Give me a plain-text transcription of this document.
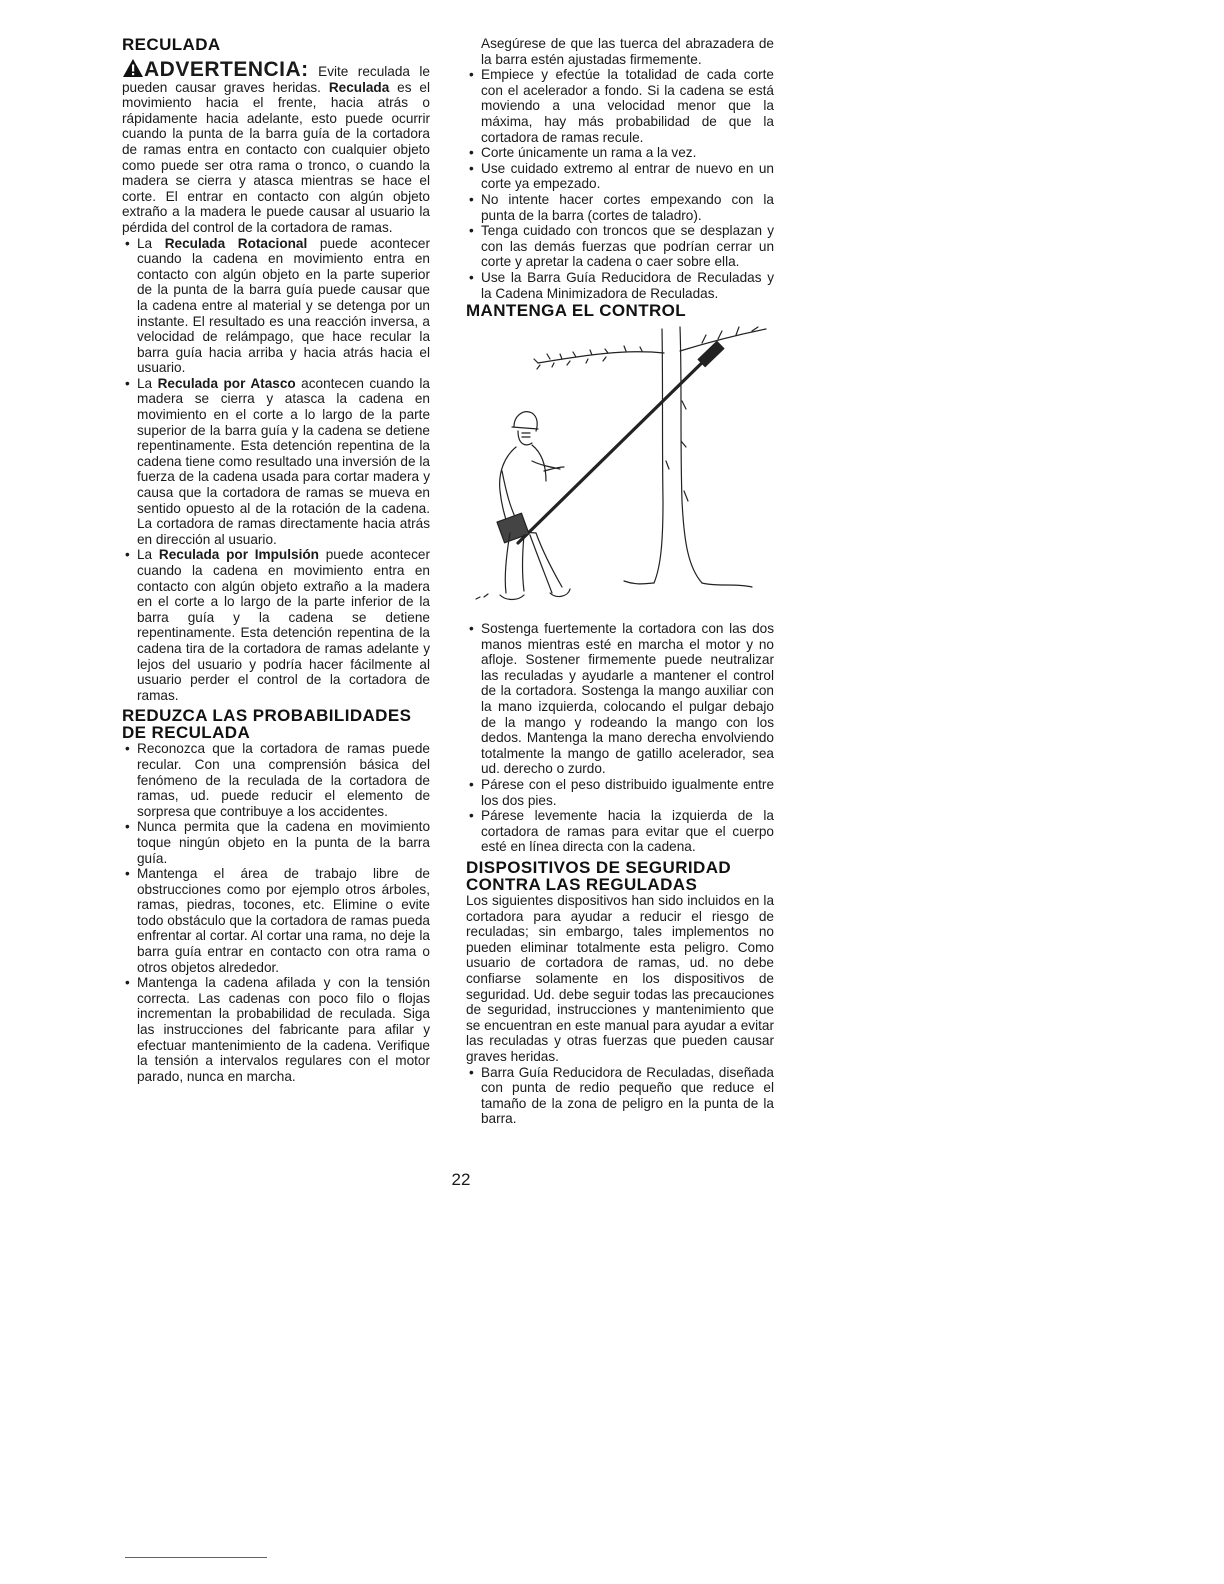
RECULADA

ADVERTENCIA: Evite reculada le pueden causar graves heridas. Reculada es el movimiento hacia el frente, hacia atrás o rápidamente hacia adelante, esto puede ocurrir cuando la punta de la barra guía de la cortadora de ramas entra en contacto con cualquier objeto como puede ser otra rama o tronco, o cuando la madera se cierra y atasca mientras se hace el corte. El entrar en contacto con algún objeto extraño a la madera le puede causar al usuario la pérdida del control de la cortadora de ramas.

• La Reculada Rotacional puede acontecer cuando la cadena en movimiento entra en contacto con algún objeto en la parte superior de la punta de la barra guía puede causar que la cadena entre al material y se detenga por un instante. El resultado es una reacción inversa, a velocidad de relámpago, que hace recular la barra guía hacia arriba y hacia atrás hacia el usuario.
• La Reculada por Atasco acontecen cuando la madera se cierra y atasca la cadena en movimiento en el corte a lo largo de la parte superior de la barra guía y la cadena se detiene repentinamente. Esta detención repentina de la cadena tiene como resultado una inversión de la fuerza de la cadena usada para cortar madera y causa que la cortadora de ramas se mueva en sentido opuesto al de la rotación de la cadena. La cortadora de ramas directamente hacia atrás en dirección al usuario.
• La Reculada por Impulsión puede acontecer cuando la cadena en movimiento entra en contacto con algún objeto extraño a la madera en el corte a lo largo de la parte inferior de la barra guía y la cadena se detiene repentinamente. Esta detención repentina de la cadena tira de la cortadora de ramas adelante y lejos del usuario y podría hacer fácilmente al usuario perder el control de la cortadora de ramas.
REDUZCA LAS PROBABILIDADES DE RECULADA
• Reconozca que la cortadora de ramas puede recular. Con una comprensión básica del fenómeno de la reculada de la cortadora de ramas, ud. puede reducir el elemento de sorpresa que contribuye a los accidentes.
• Nunca permita que la cadena en movimiento toque ningún objeto en la punta de la barra guía.
• Mantenga el área de trabajo libre de obstrucciones como por ejemplo otros árboles, ramas, piedras, tocones, etc. Elimine o evite todo obstáculo que la cortadora de ramas pueda enfrentar al cortar. Al cortar una rama, no deje la barra guía entrar en contacto con otra rama o otros objetos alrededor.
• Mantenga la cadena afilada y con la tensión correcta. Las cadenas con poco filo o flojas incrementan la probabilidad de reculada. Siga las instrucciones del fabricante para afilar y efectuar mantenimiento de la cadena. Verifique la tensión a intervalos regulares con el motor parado, nunca en marcha.

Asegúrese de que las tuerca del abrazadera de la barra estén ajustadas firmemente.

• Empiece y efectúe la totalidad de cada corte con el acelerador a fondo. Si la cadena se está moviendo a una velocidad menor que la máxima, hay más probabilidad de que la cortadora de ramas recule.
• Corte únicamente un rama a la vez.
• Use cuidado extremo al entrar de nuevo en un corte ya empezado.
• No intente hacer cortes empexando con la punta de la barra (cortes de taladro).
• Tenga cuidado con troncos que se desplazan y con las demás fuerzas que podrían cerrar un corte y apretar la cadena o caer sobre ella.
• Use la Barra Guía Reducidora de Reculadas y la Cadena Minimizadora de Reculadas.
MANTENGA EL CONTROL
• Sostenga fuertemente la cortadora con las dos manos mientras esté en marcha el motor y no afloje. Sostener firmemente puede neutralizar las reculadas y ayudarle a mantener el control de la cortadora. Sostenga la mango auxiliar con la mano izquierda, colocando el pulgar debajo de la mango y rodeando la mango con los dedos. Mantenga la mano derecha envolviendo totalmente la mango de gatillo acelerador, sea ud. derecho o zurdo.
• Párese con el peso distribuido igualmente entre los dos pies.
• Párese levemente hacia la izquierda de la cortadora de ramas para evitar que el cuerpo esté en línea directa con la cadena.
DISPOSITIVOS DE SEGURIDAD CONTRA LAS REGULADAS

Los siguientes dispositivos han sido incluidos en la cortadora para ayudar a reducir el riesgo de reculadas; sin embargo, tales implementos no pueden eliminar totalmente esta peligro. Como usuario de cortadora de ramas, ud. no debe confiarse solamente en los dispositivos de seguridad. Ud. debe seguir todas las precauciones de seguridad, instrucciones y mantenimiento que se encuentran en este manual para ayudar a evitar las reculadas y otras fuerzas que pueden causar graves heridas.

• Barra Guía Reducidora de Reculadas, diseñada con punta de redio pequeño que reduce el tamaño de la zona de peligro en la punta de la barra.
22
